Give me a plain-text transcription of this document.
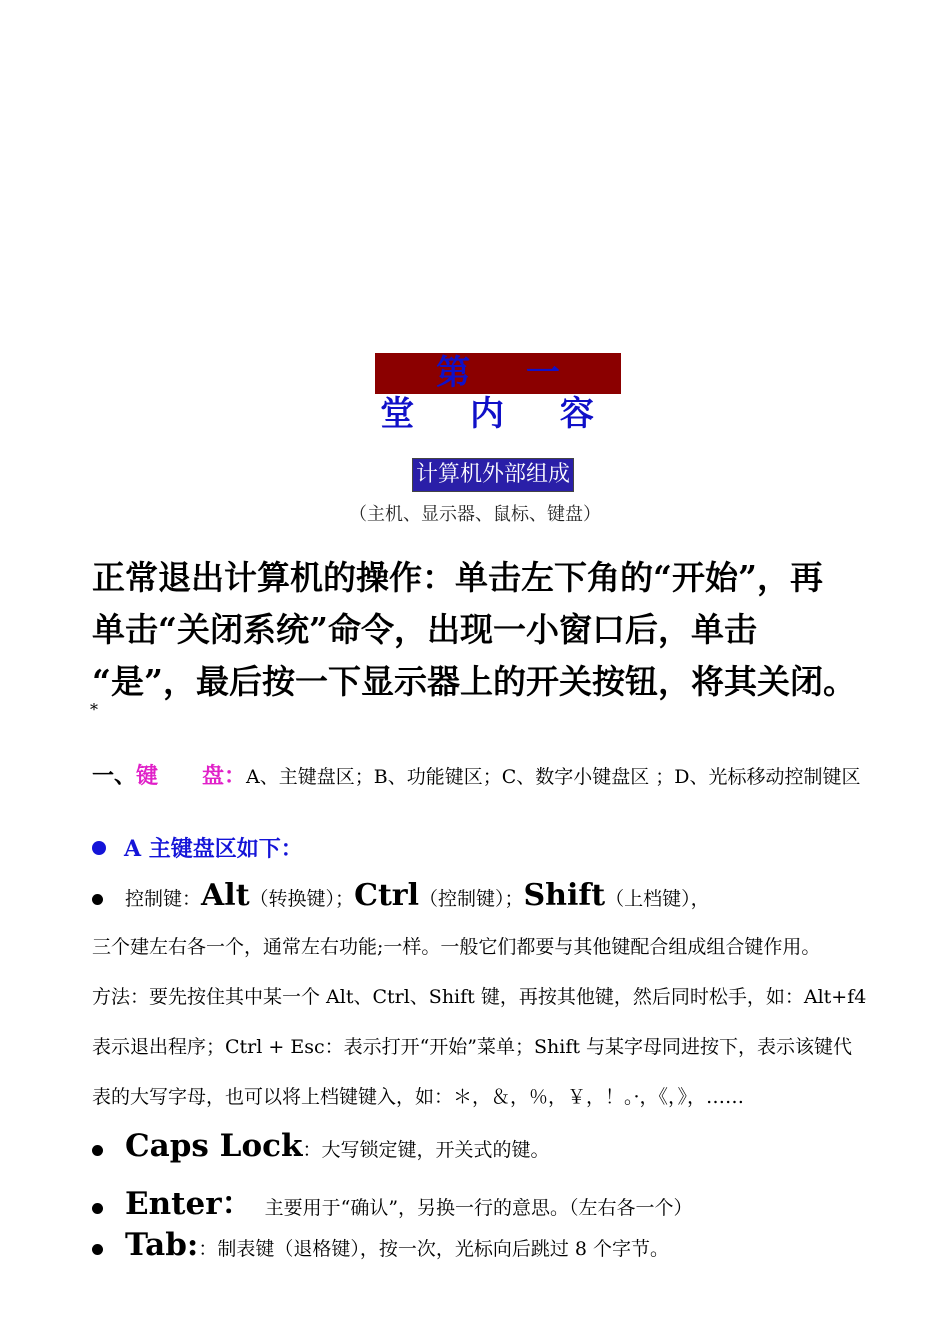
第 一 堂 内 容
计算机外部组成
（主机、显示器、鼠标、键盘）
正常退出计算机的操作：单击左下角的“开始”，再
单击“关闭系统”命令，出现一小窗口后，单击
“是”，最后按一下显示器上的开关按钮，将其关闭。
*
一、键　　盘：A、主键盘区；B、功能键区；C、数字小键盘区 ；D、光标移动控制键区
A 主键盘区如下：
控制键： Alt （转换键）； Ctrl （控制键）； Shift （上档键），
三个建左右各一个，通常左右功能;一样。一般它们都要与其他键配合组成组合键作用。
方法：要先按住其中某一个 Alt、Ctrl、Shift 键，再按其他键，然后同时松手，如：Alt+f4
表示退出程序；Ctrl + Esc：表示打开“开始”菜单；Shift 与某字母同进按下，表示该键代
表的大写字母，也可以将上档键键入，如：＊，＆，％，￥，！。·，《，》，……
Caps Lock ：大写锁定键，开关式的键。
Enter： 主要用于“确认”，另换一行的意思。（左右各一个）
Tab: ：制表键（退格键），按一次，光标向后跳过 8 个字节。
